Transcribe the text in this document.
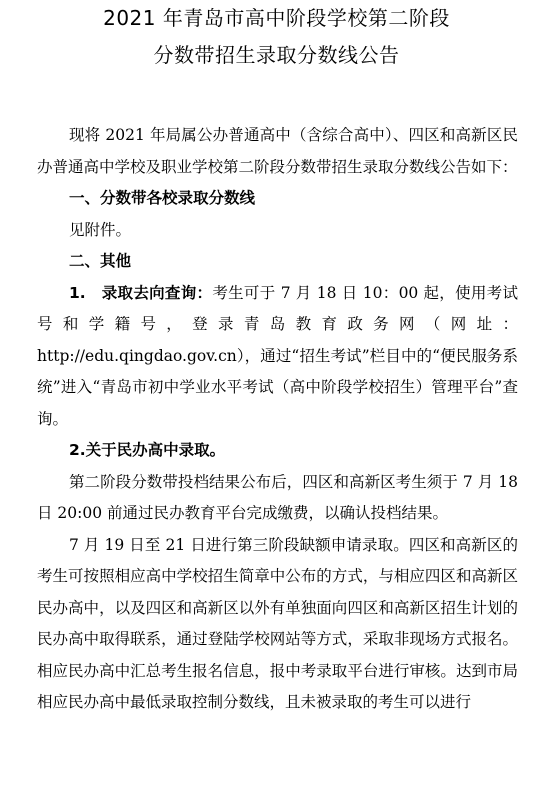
2021 年青岛市高中阶段学校第二阶段
分数带招生录取分数线公告

现将 2021 年局属公办普通高中（含综合高中）、四区和高新区民办普通高中学校及职业学校第二阶段分数带招生录取分数线公告如下：

一、分数带各校录取分数线

见附件。

二、其他

1.　录取去向查询：考生可于 7 月 18 日 10：00 起，使用考试号和学籍号，登录青岛教育政务网（网址：http://edu.qingdao.gov.cn），通过“招生考试”栏目中的“便民服务系统”进入“青岛市初中学业水平考试（高中阶段学校招生）管理平台”查询。

2.关于民办高中录取。

第二阶段分数带投档结果公布后，四区和高新区考生须于 7 月 18 日 20:00 前通过民办教育平台完成缴费，以确认投档结果。

7 月 19 日至 21 日进行第三阶段缺额申请录取。四区和高新区的考生可按照相应高中学校招生简章中公布的方式，与相应四区和高新区民办高中，以及四区和高新区以外有单独面向四区和高新区招生计划的民办高中取得联系，通过登陆学校网站等方式，采取非现场方式报名。相应民办高中汇总考生报名信息，报中考录取平台进行审核。达到市局相应民办高中最低录取控制分数线，且未被录取的考生可以进行
